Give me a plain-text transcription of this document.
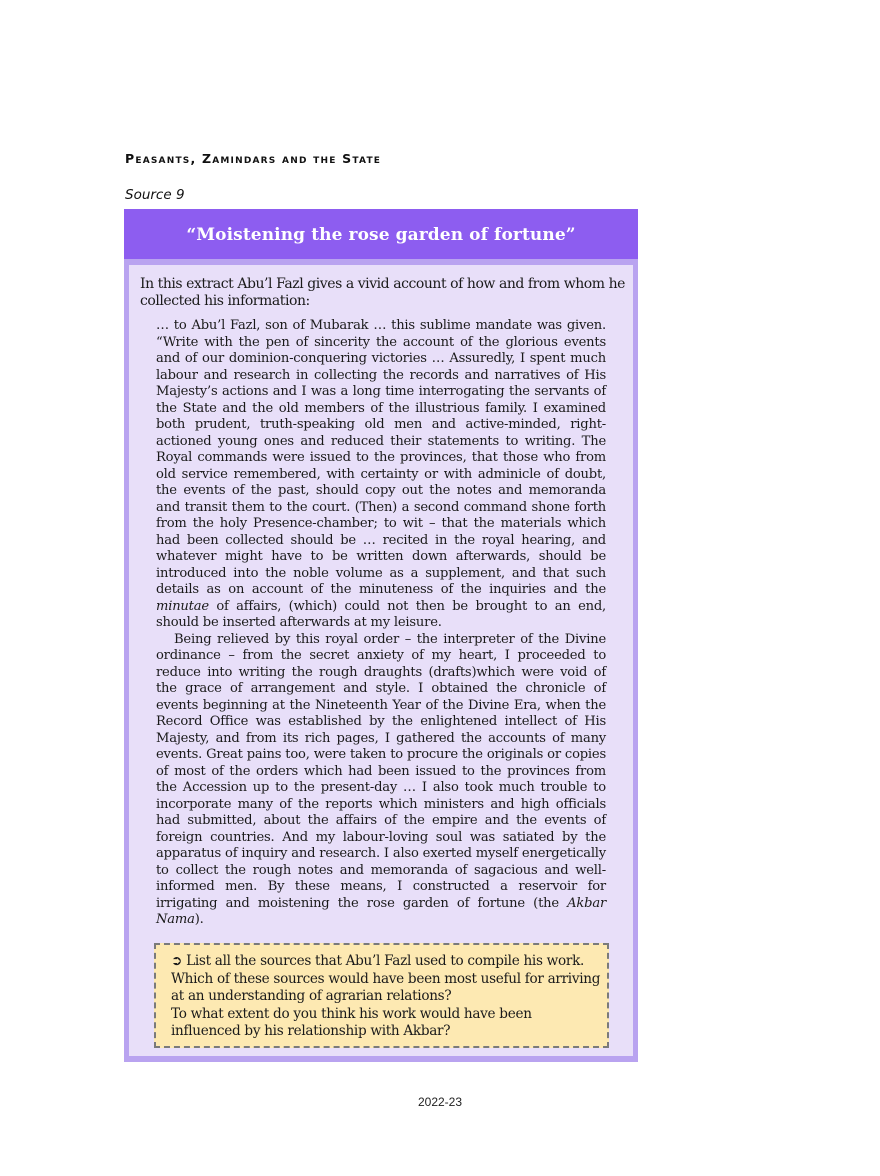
Peasants, Zamindars and the State
Source 9
“Moistening the rose garden of fortune”

In this extract Abu’l Fazl gives a vivid account of how and from whom he collected his information:

… to Abu’l Fazl, son of Mubarak … this sublime mandate was given. “Write with the pen of sincerity the account of the glorious events and of our dominion-conquering victories … Assuredly, I spent much labour and research in collecting the records and narratives of His Majesty’s actions and I was a long time interrogating the servants of the State and the old members of the illustrious family. I examined both prudent, truth-speaking old men and active-minded, right-actioned young ones and reduced their statements to writing. The Royal commands were issued to the provinces, that those who from old service remembered, with certainty or with adminicle of doubt, the events of the past, should copy out the notes and memoranda and transit them to the court. (Then) a second command shone forth from the holy Presence-chamber; to wit – that the materials which had been collected should be … recited in the royal hearing, and whatever might have to be written down afterwards, should be introduced into the noble volume as a supplement, and that such details as on account of the minuteness of the inquiries and the minutae of affairs, (which) could not then be brought to an end, should be inserted afterwards at my leisure.

Being relieved by this royal order – the interpreter of the Divine ordinance – from the secret anxiety of my heart, I proceeded to reduce into writing the rough draughts (drafts)which were void of the grace of arrangement and style. I obtained the chronicle of events beginning at the Nineteenth Year of the Divine Era, when the Record Office was established by the enlightened intellect of His Majesty, and from its rich pages, I gathered the accounts of many events. Great pains too, were taken to procure the originals or copies of most of the orders which had been issued to the provinces from the Accession up to the present-day … I also took much trouble to incorporate many of the reports which ministers and high officials had submitted, about the affairs of the empire and the events of foreign countries. And my labour-loving soul was satiated by the apparatus of inquiry and research. I also exerted myself energetically to collect the rough notes and memoranda of sagacious and well-informed men. By these means, I constructed a reservoir for irrigating and moistening the rose garden of fortune (the Akbar Nama).

➲ List all the sources that Abu’l Fazl used to compile his work. Which of these sources would have been most useful for arriving at an understanding of agrarian relations?
To what extent do you think his work would have been influenced by his relationship with Akbar?

2022-23
